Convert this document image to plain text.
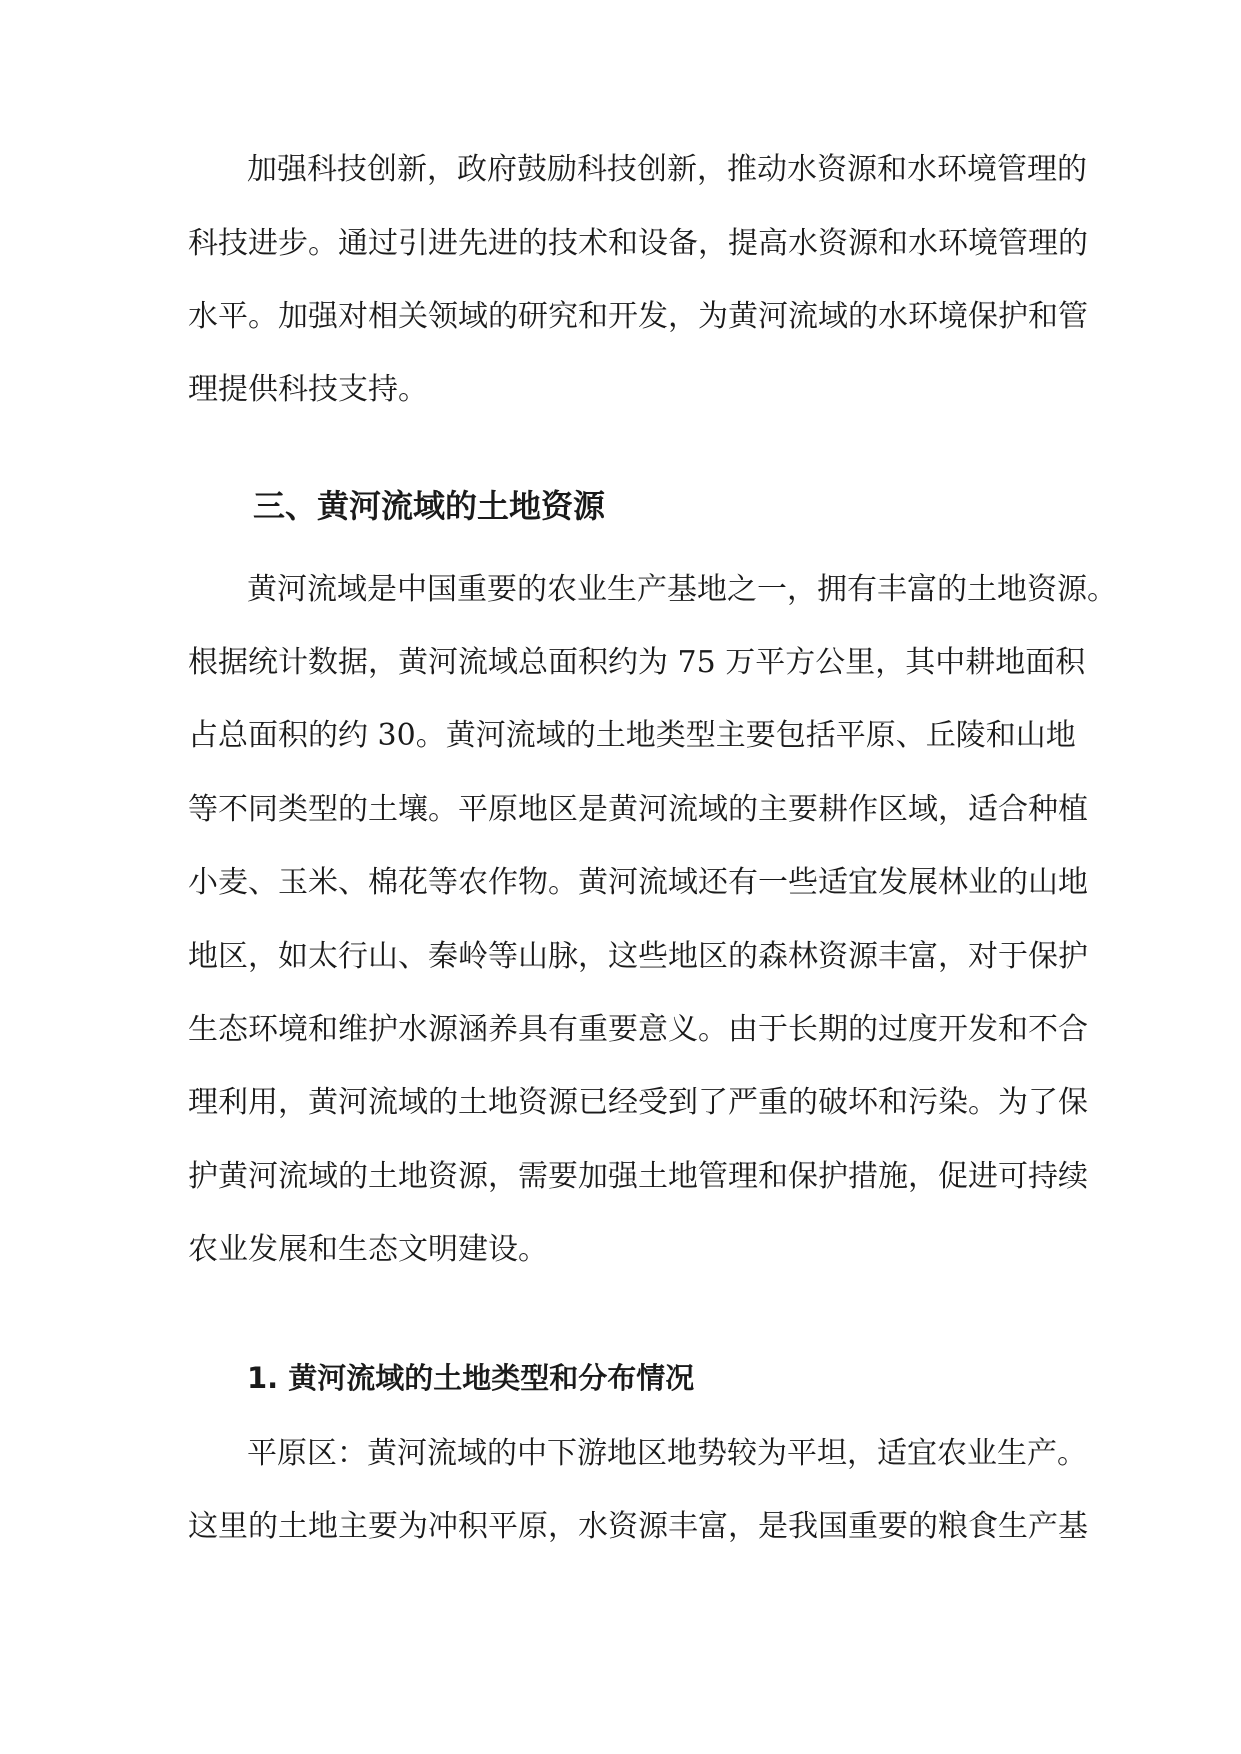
加强科技创新，政府鼓励科技创新，推动水资源和水环境管理的
科技进步。通过引进先进的技术和设备，提高水资源和水环境管理的
水平。加强对相关领域的研究和开发，为黄河流域的水环境保护和管
理提供科技支持。
三、黄河流域的土地资源
黄河流域是中国重要的农业生产基地之一，拥有丰富的土地资源。
根据统计数据，黄河流域总面积约为 75 万平方公里，其中耕地面积
占总面积的约 30。黄河流域的土地类型主要包括平原、丘陵和山地
等不同类型的土壤。平原地区是黄河流域的主要耕作区域，适合种植
小麦、玉米、棉花等农作物。黄河流域还有一些适宜发展林业的山地
地区，如太行山、秦岭等山脉，这些地区的森林资源丰富，对于保护
生态环境和维护水源涵养具有重要意义。由于长期的过度开发和不合
理利用，黄河流域的土地资源已经受到了严重的破坏和污染。为了保
护黄河流域的土地资源，需要加强土地管理和保护措施，促进可持续
农业发展和生态文明建设。
1. 黄河流域的土地类型和分布情况
平原区：黄河流域的中下游地区地势较为平坦，适宜农业生产。
这里的土地主要为冲积平原，水资源丰富，是我国重要的粮食生产基
